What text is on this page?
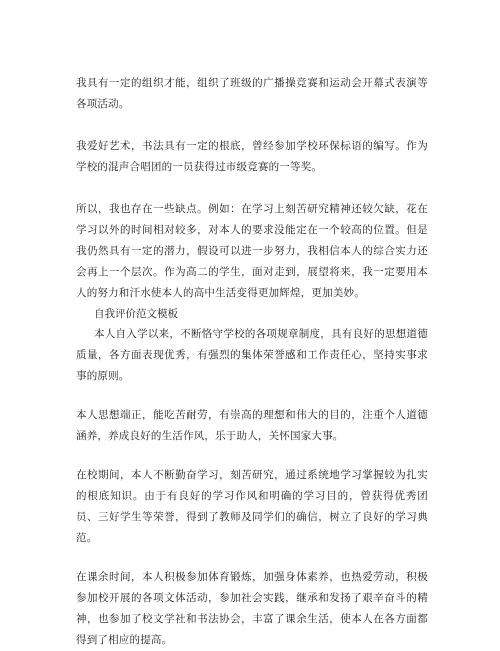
我具有一定的组织才能，组织了班级的广播操竞赛和运动会开幕式表演等各项活动。

我爱好艺术，书法具有一定的根底，曾经参加学校环保标语的编写。作为学校的混声合唱团的一员获得过市级竞赛的一等奖。

所以，我也存在一些缺点。例如：在学习上刻苦研究精神还较欠缺，花在学习以外的时间相对较多，对本人的要求没能定在一个较高的位置。但是我仍然具有一定的潜力，假设可以进一步努力，我相信本人的综合实力还会再上一个层次。作为高二的学生，面对走到，展望将来，我一定要用本人的努力和汗水使本人的高中生活变得更加辉煌，更加美妙。

自我评价范文模板

本人自入学以来，不断恪守学校的各项规章制度，具有良好的思想道德质量，各方面表现优秀，有强烈的集体荣誉感和工作责任心，坚持实事求事的原则。

本人思想端正，能吃苦耐劳，有崇高的理想和伟大的目的，注重个人道德涵养，养成良好的生活作风，乐于助人，关怀国家大事。

在校期间，本人不断勤奋学习，刻苦研究，通过系统地学习掌握较为扎实的根底知识。由于有良好的学习作风和明确的学习目的，曾获得优秀团员、三好学生等荣誉，得到了教师及同学们的确信，树立了良好的学习典范。

在课余时间，本人积极参加体育锻炼，加强身体素养，也热爱劳动，积极参加校开展的各项文体活动，参加社会实践，继承和发扬了艰辛奋斗的精神，也参加了校文学社和书法协会，丰富了课余生活，使本人在各方面都得到了相应的提高。
